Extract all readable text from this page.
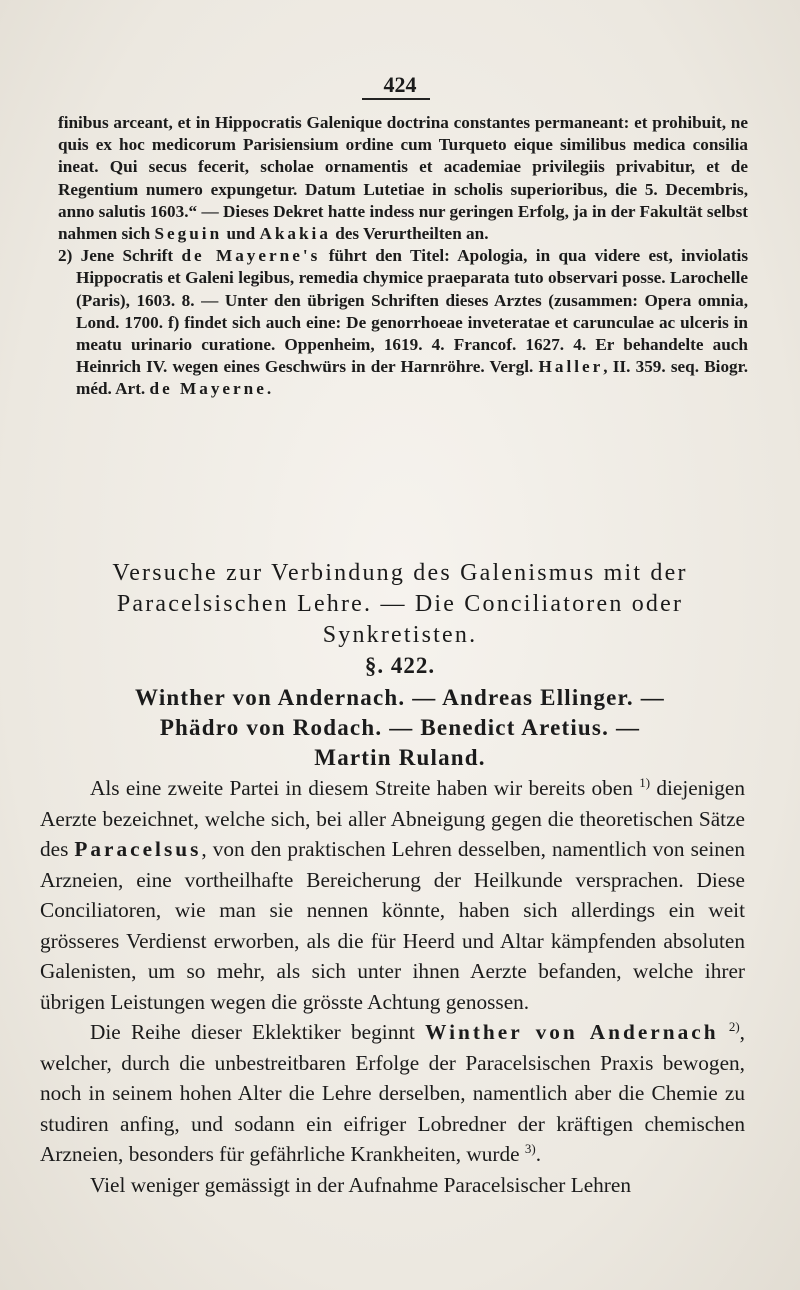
424

finibus arceant, et in Hippocratis Galenique doctrina constantes permaneant: et prohibuit, ne quis ex hoc medicorum Parisiensium ordine cum Turqueto eique similibus medica consilia ineat. Qui secus fecerit, scholae ornamentis et academiae privilegiis privabitur, et de Regentium numero expungetur. Datum Lutetiae in scholis superioribus, die 5. Decembris, anno salutis 1603.“ — Dieses Dekret hatte indess nur geringen Erfolg, ja in der Fakultät selbst nahmen sich Seguin und Akakia des Verurtheilten an.

2) Jene Schrift de Mayerne's führt den Titel: Apologia, in qua videre est, inviolatis Hippocratis et Galeni legibus, remedia chymice praeparata tuto observari posse. Larochelle (Paris), 1603. 8. — Unter den übrigen Schriften dieses Arztes (zusammen: Opera omnia, Lond. 1700. f) findet sich auch eine: De genorrhoeae inveteratae et carunculae ac ulceris in meatu urinario curatione. Oppenheim, 1619. 4. Francof. 1627. 4. Er behandelte auch Heinrich IV. wegen eines Geschwürs in der Harnröhre. Vergl. Haller, II. 359. seq. Biogr. méd. Art. de Mayerne.

Versuche zur Verbindung des Galenismus mit der Paracelsischen Lehre. — Die Conciliatoren oder Synkretisten.
§. 422.
Winther von Andernach. — Andreas Ellinger. —
Phädro von Rodach. — Benedict Aretius. —
Martin Ruland.

Als eine zweite Partei in diesem Streite haben wir bereits oben $^{1)}$ diejenigen Aerzte bezeichnet, welche sich, bei aller Abneigung gegen die theoretischen Sätze des Paracelsus, von den praktischen Lehren desselben, namentlich von seinen Arzneien, eine vortheilhafte Bereicherung der Heilkunde versprachen. Diese Conciliatoren, wie man sie nennen könnte, haben sich allerdings ein weit grösseres Verdienst erworben, als die für Heerd und Altar kämpfenden absoluten Galenisten, um so mehr, als sich unter ihnen Aerzte befanden, welche ihrer übrigen Leistungen wegen die grösste Achtung genossen.

Die Reihe dieser Eklektiker beginnt Winther von Andernach $^{2)}$, welcher, durch die unbestreitbaren Erfolge der Paracelsischen Praxis bewogen, noch in seinem hohen Alter die Lehre derselben, namentlich aber die Chemie zu studiren anfing, und sodann ein eifriger Lobredner der kräftigen chemischen Arzneien, besonders für gefährliche Krankheiten, wurde $^{3)}$.

Viel weniger gemässigt in der Aufnahme Paracelsischer Lehren
